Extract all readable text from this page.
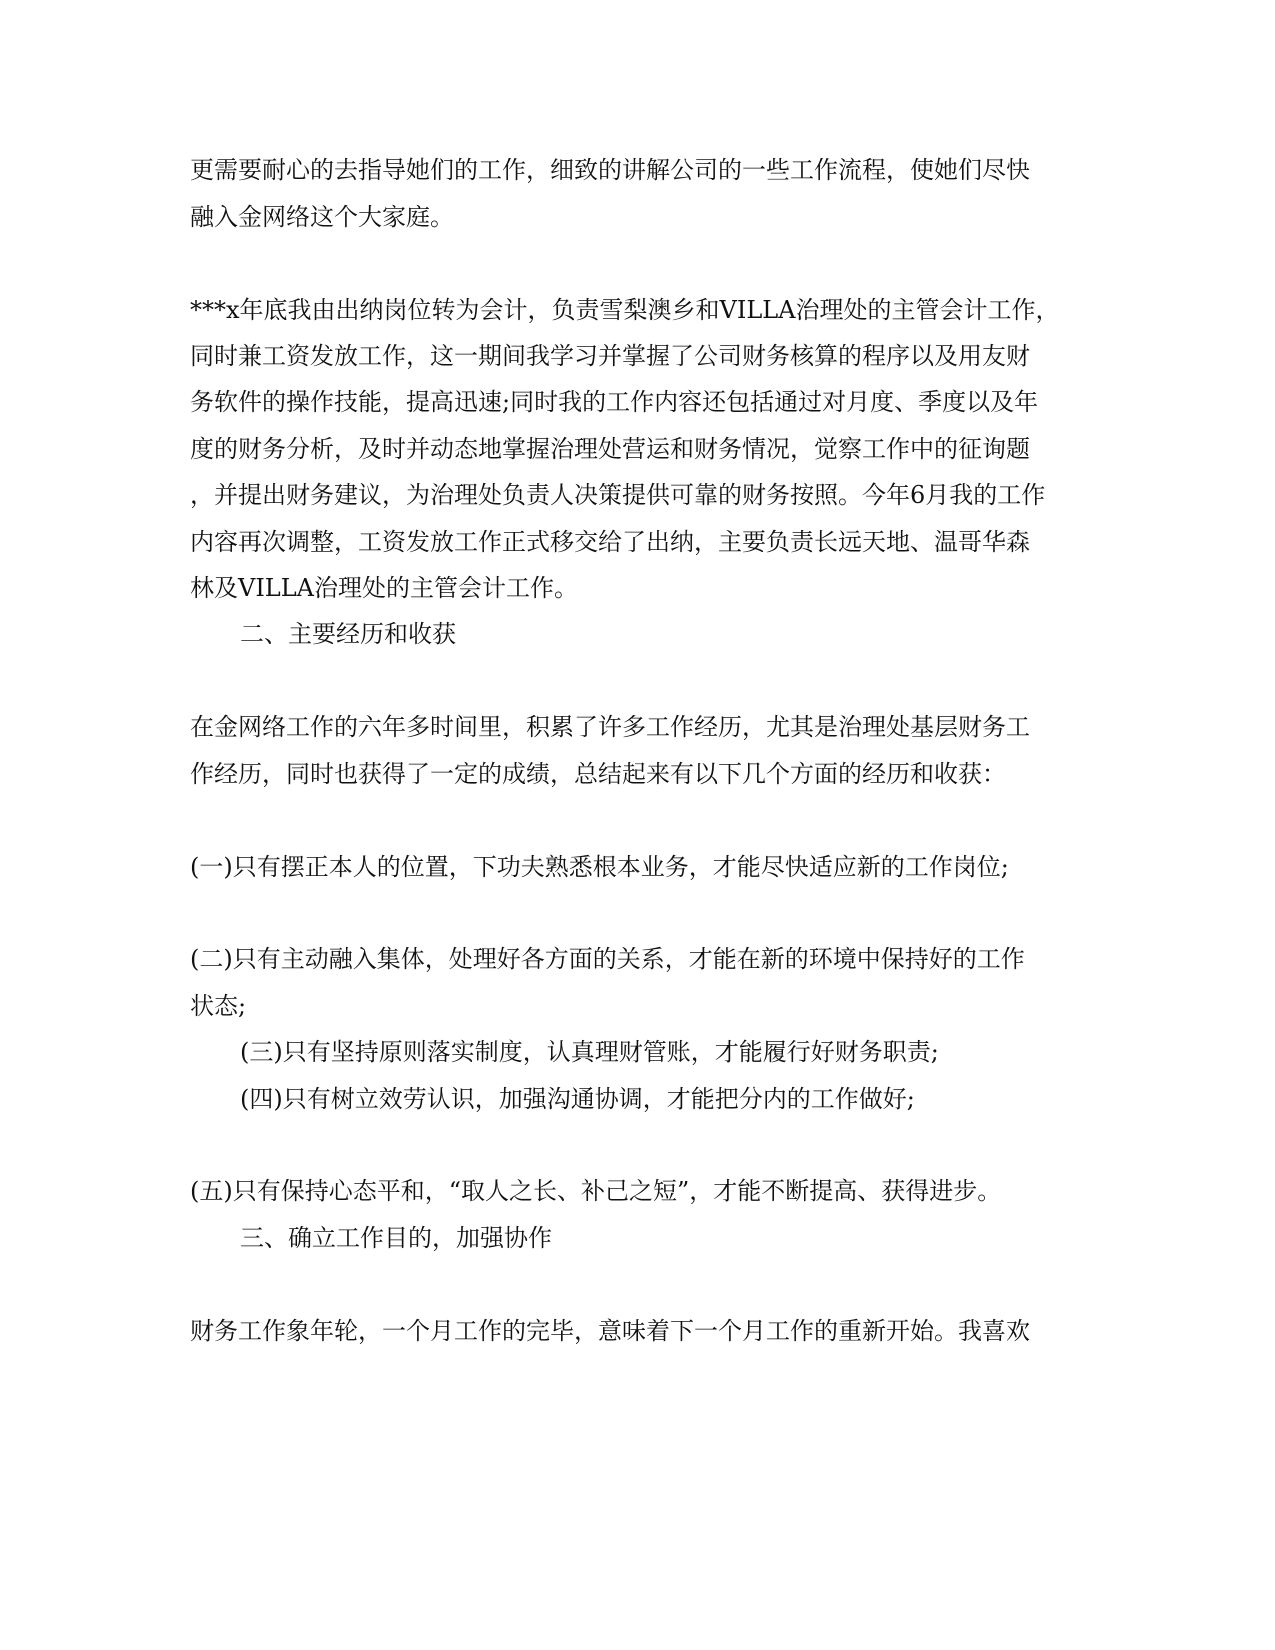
更需要耐心的去指导她们的工作，细致的讲解公司的一些工作流程，使她们尽快
融入金网络这个大家庭。
***x年底我由出纳岗位转为会计，负责雪梨澳乡和VILLA治理处的主管会计工作，
同时兼工资发放工作，这一期间我学习并掌握了公司财务核算的程序以及用友财
务软件的操作技能，提高迅速;同时我的工作内容还包括通过对月度、季度以及年
度的财务分析，及时并动态地掌握治理处营运和财务情况，觉察工作中的征询题
，并提出财务建议，为治理处负责人决策提供可靠的财务按照。今年6月我的工作
内容再次调整，工资发放工作正式移交给了出纳，主要负责长远天地、温哥华森
林及VILLA治理处的主管会计工作。
二、主要经历和收获
在金网络工作的六年多时间里，积累了许多工作经历，尤其是治理处基层财务工
作经历，同时也获得了一定的成绩，总结起来有以下几个方面的经历和收获：
(一)只有摆正本人的位置，下功夫熟悉根本业务，才能尽快适应新的工作岗位;
(二)只有主动融入集体，处理好各方面的关系，才能在新的环境中保持好的工作
状态;
(三)只有坚持原则落实制度，认真理财管账，才能履行好财务职责;
(四)只有树立效劳认识，加强沟通协调，才能把分内的工作做好;
(五)只有保持心态平和，“取人之长、补己之短”，才能不断提高、获得进步。
三、确立工作目的，加强协作
财务工作象年轮，一个月工作的完毕，意味着下一个月工作的重新开始。我喜欢
